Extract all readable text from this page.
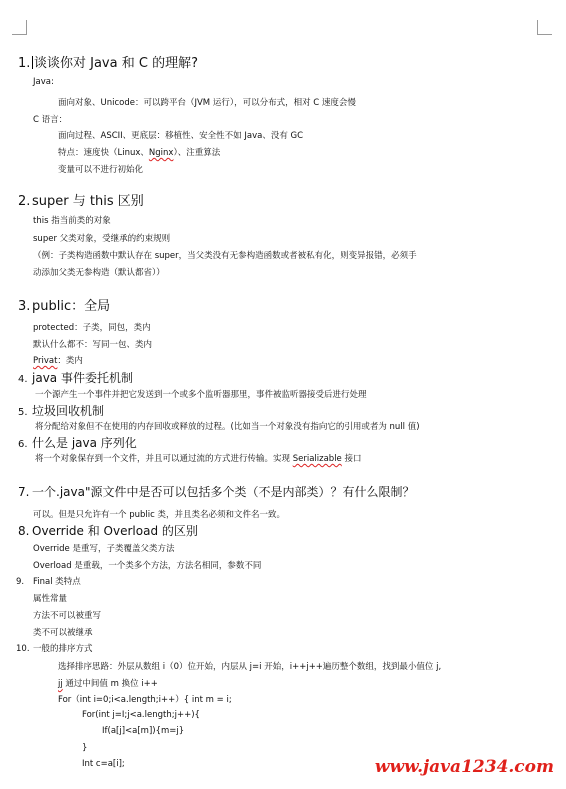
1. 谈谈你对 Java 和 C 的理解?
Java:
面向对象、Unicode：可以跨平台（JVM 运行），可以分布式，相对 C 速度会慢
C 语言：
面向过程、ASCII、更底层：移植性、安全性不如 Java、没有 GC
特点：速度快（Linux、Nginx）、注重算法
变量可以不进行初始化
2. super 与 this 区别
this 指当前类的对象
super 父类对象，受继承的约束规则
（例：子类构造函数中默认存在 super，当父类没有无参构造函数或者被私有化，则变异报错，必须手
动添加父类无参构造（默认都省））
3. public：全局
protected：子类，同包，类内
默认什么都不：写同一包、类内
Privat：类内
4. java 事件委托机制
一个源产生一个事件并把它发送到一个或多个监听器那里，事件被监听器接受后进行处理
5. 垃圾回收机制
将分配给对象但不在使用的内存回收或释放的过程。(比如当一个对象没有指向它的引用或者为 null 值)
6. 什么是 java 序列化
将一个对象保存到一个文件，并且可以通过流的方式进行传输。实现 Serializable 接口
7. 一个.java"源文件中是否可以包括多个类（不是内部类）？有什么限制？
可以。但是只允许有一个 public 类，并且类名必须和文件名一致。
8. Override 和 Overload 的区别
Override 是重写，子类覆盖父类方法
Overload 是重载，一个类多个方法，方法名相同，参数不同
9. Final 类特点
属性常量
方法不可以被重写
类不可以被继承
10. 一般的排序方式
选择排序思路：外层从数组 i（0）位开始，内层从 j=i 开始，i++j++遍历整个数组，找到最小值位 j,
jj 通过中间值 m 换位 i++
For（int i=0;i<a.length;i++）{ int m = i;
For(int j=I;j<a.length;j++){
If(a[j]<a[m]){m=j}
}
Int c=a[i];	www.java1234.com
